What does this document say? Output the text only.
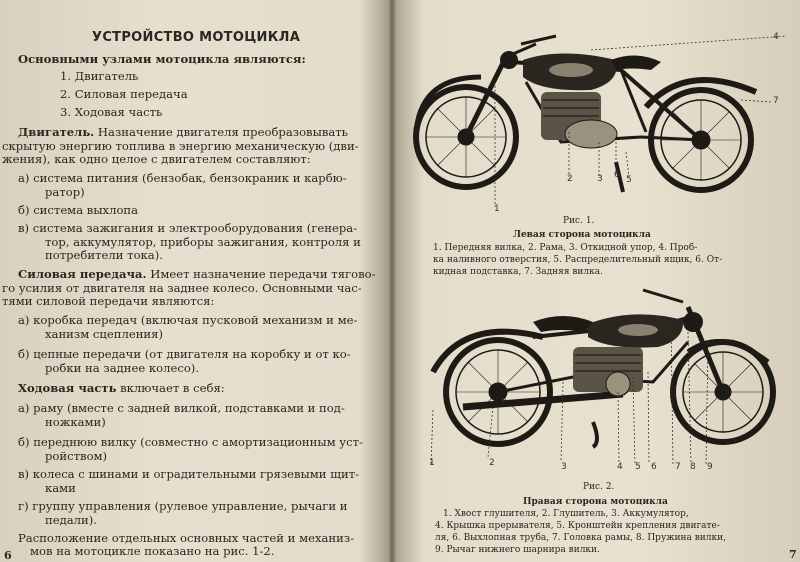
УСТРОЙСТВО МОТОЦИКЛА
Основными узлами мотоцикла являются:
1. Двигатель
2. Силовая передача
3. Ходовая часть
Двигатель. Назначение двигателя преобразовывать
скрытую энергию топлива в энергию механическую (дви-
жения), как одно целое с двигателем составляют:
а) система питания (бензобак, бензокраник и карбю-
ратор)
б) система выхлопа
в) система зажигания и электрооборудования (генера-
тор, аккумулятор, приборы зажигания, контроля и
потребители тока).
Силовая передача. Имеет назначение передачи тягово-
го усилия от двигателя на заднее колесо. Основными час-
тями силовой передачи являются:
а) коробка передач (включая пусковой механизм и ме-
ханизм сцепления)
б) цепные передачи (от двигателя на коробку и от ко-
робки на заднее колесо).
Ходовая часть включает в себя:
а) раму (вместе с задней вилкой, подставками и под-
ножками)
б) переднюю вилку (совместно с амортизационным уст-
ройством)
в) колеса с шинами и оградительными грязевыми щит-
ками
г) группу управления (рулевое управление, рычаги и
педали).
Расположение отдельных основных частей и механиз-
мов на мотоцикле показано на рис. 1-2.
6
1
2	3 6 5
4
7
Рис. 1.
Левая сторона мотоцикла
1. Передняя вилка, 2. Рама, 3. Откидной упор, 4. Проб-
ка наливного отверстия, 5. Распределительный ящик, 6. От-
кидная подставка, 7. Задняя вилка.
1	2	3	4 5 6 7 8 9
Рис. 2.
Правая сторона мотоцикла
1. Хвост глушителя, 2. Глушитель, 3. Аккумулятор,
4. Крышка прерывателя, 5. Кронштейн крепления двигате-
ля, 6. Выхлопная труба, 7. Головка рамы, 8. Пружина вилки,
9. Рычаг нижнего шарнира вилки.	7
